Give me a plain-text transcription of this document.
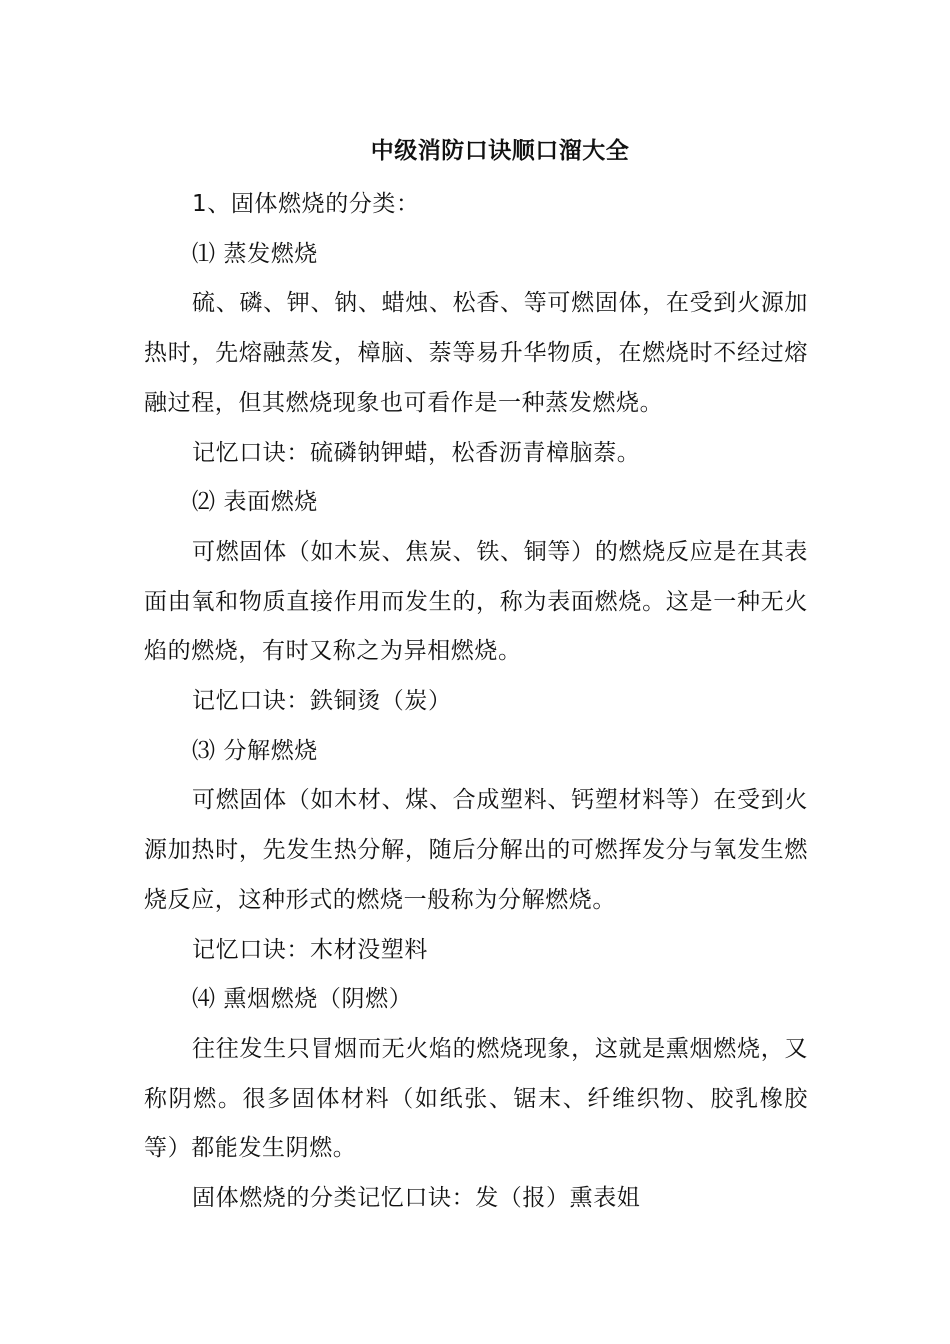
中级消防口诀顺口溜大全

1、固体燃烧的分类：

⑴ 蒸发燃烧

硫、磷、钾、钠、蜡烛、松香、等可燃固体，在受到火源加热时，先熔融蒸发，樟脑、萘等易升华物质，在燃烧时不经过熔融过程，但其燃烧现象也可看作是一种蒸发燃烧。

记忆口诀：硫磷钠钾蜡，松香沥青樟脑萘。

⑵ 表面燃烧

可燃固体（如木炭、焦炭、铁、铜等）的燃烧反应是在其表面由氧和物质直接作用而发生的，称为表面燃烧。这是一种无火焰的燃烧，有时又称之为异相燃烧。

记忆口诀：鉄铜烫（炭）

⑶ 分解燃烧

可燃固体（如木材、煤、合成塑料、钙塑材料等）在受到火源加热时，先发生热分解，随后分解出的可燃挥发分与氧发生燃烧反应，这种形式的燃烧一般称为分解燃烧。

记忆口诀：木材没塑料

⑷ 熏烟燃烧（阴燃）

往往发生只冒烟而无火焰的燃烧现象，这就是熏烟燃烧，又称阴燃。很多固体材料（如纸张、锯末、纤维织物、胶乳橡胶等）都能发生阴燃。

固体燃烧的分类记忆口诀：发（报）熏表姐
